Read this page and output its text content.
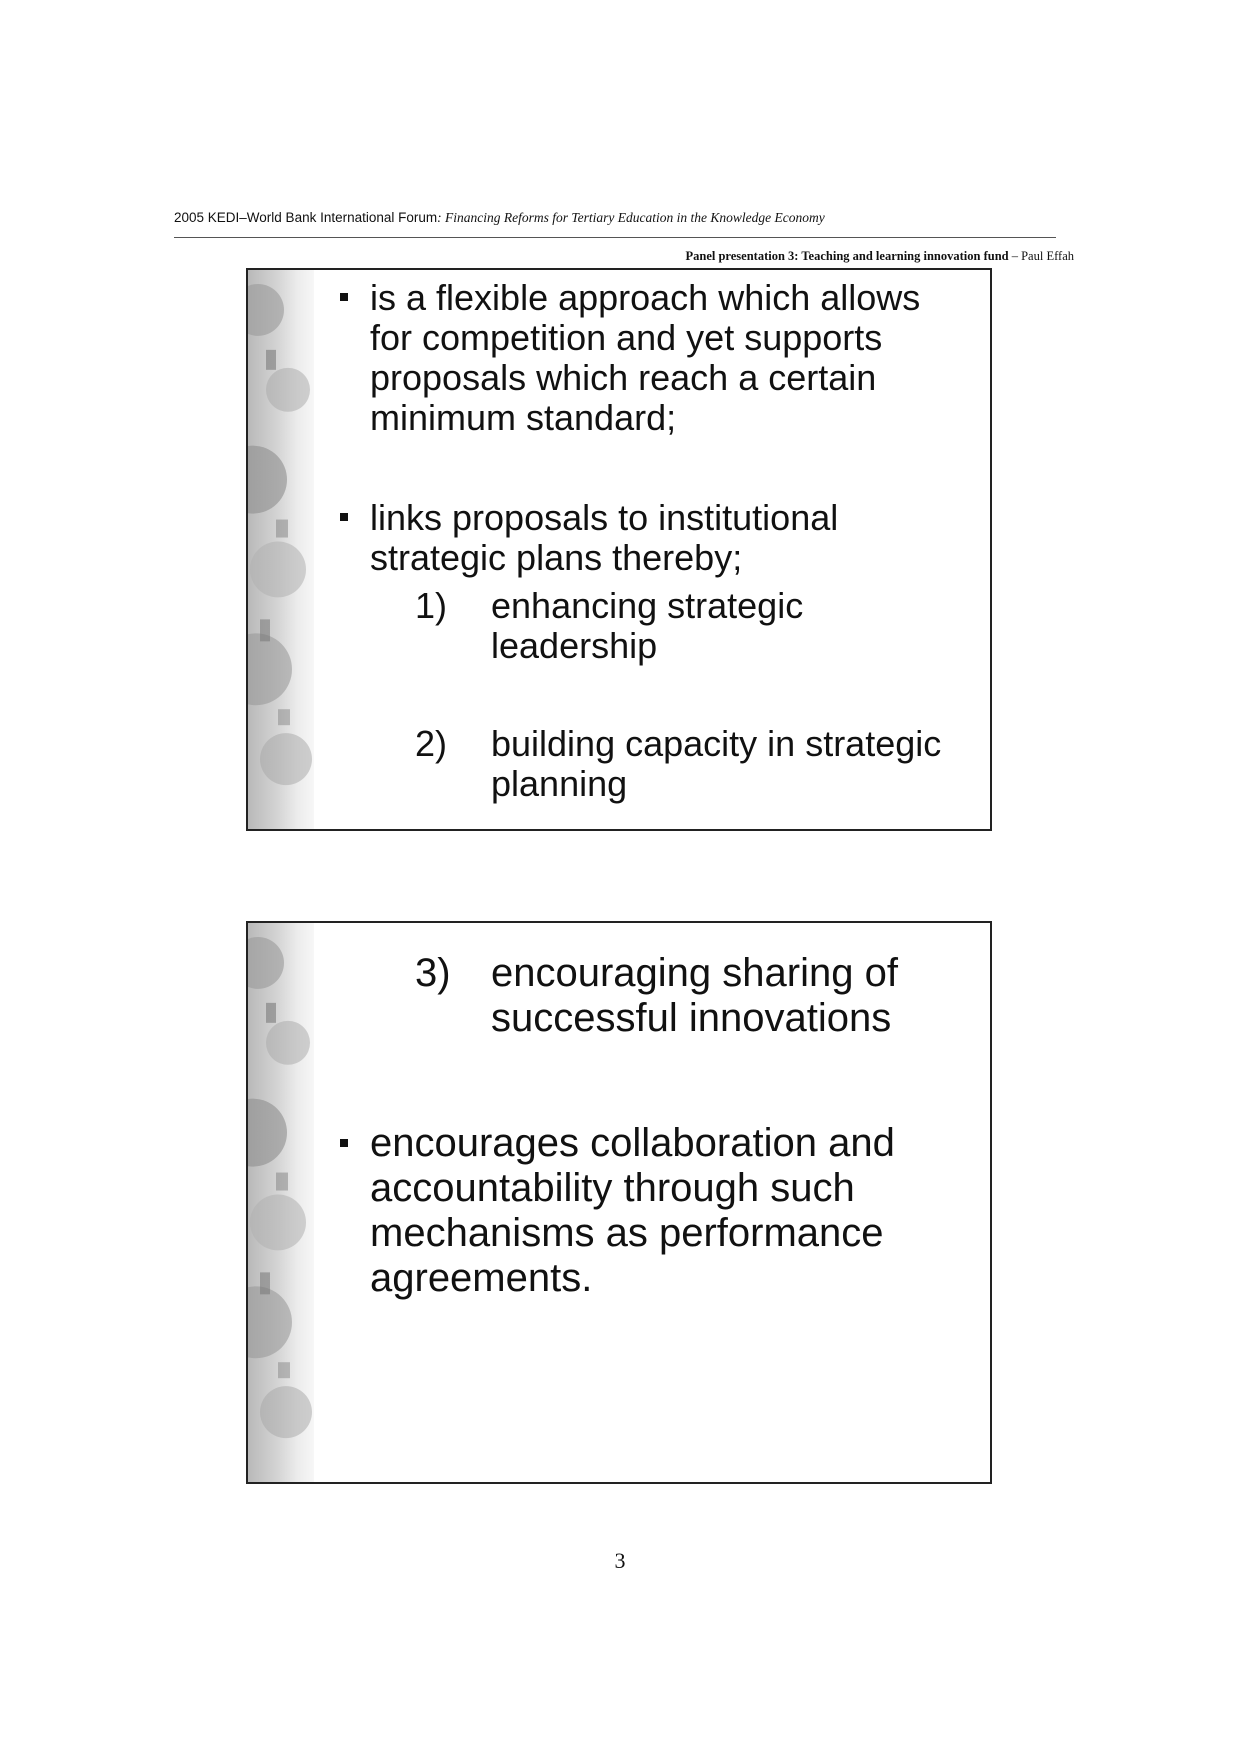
2005 KEDI–World Bank International Forum: Financing Reforms for Tertiary Education in the Knowledge Economy
Panel presentation 3: Teaching and learning innovation fund – Paul Effah
is a flexible approach which allows for competition and yet supports proposals which reach a certain minimum standard;
links proposals to institutional strategic plans thereby;
1) enhancing strategic leadership
2) building capacity in strategic planning
3) encouraging sharing of successful innovations
encourages collaboration and accountability through such mechanisms as performance agreements.
3
